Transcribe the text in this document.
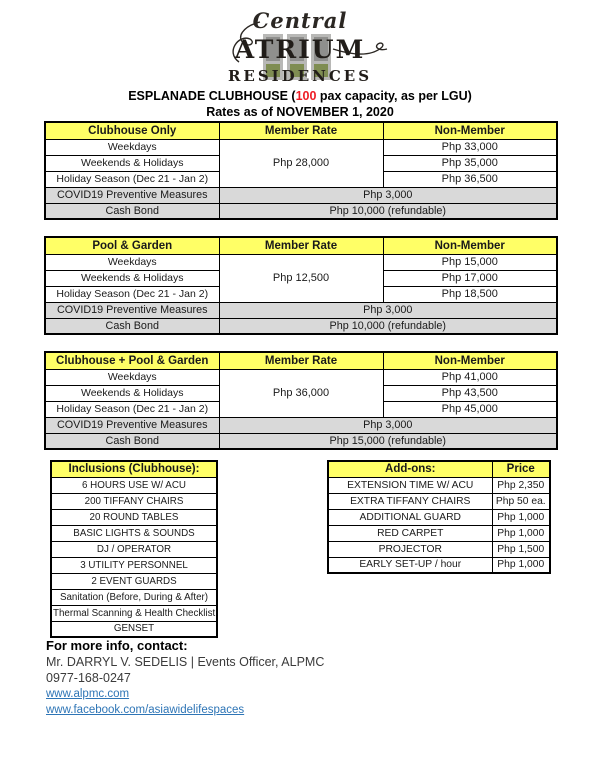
Central
ATRIUM
RESIDENCES
ESPLANADE CLUBHOUSE (100 pax capacity, as per LGU)
Rates as of NOVEMBER 1, 2020
Clubhouse Only	Member Rate	Non-Member
Weekdays	Php 28,000	Php 33,000
Weekends & Holidays		Php 35,000
Holiday Season (Dec 21 - Jan 2)		Php 36,500
COVID19 Preventive Measures	Php 3,000	
Cash Bond	Php 10,000 (refundable)	
Pool & Garden	Member Rate	Non-Member
Weekdays	Php 12,500	Php 15,000
Weekends & Holidays		Php 17,000
Holiday Season (Dec 21 - Jan 2)		Php 18,500
COVID19 Preventive Measures	Php 3,000	
Cash Bond	Php 10,000 (refundable)	
Clubhouse + Pool & Garden	Member Rate	Non-Member
Weekdays	Php 36,000	Php 41,000
Weekends & Holidays		Php 43,500
Holiday Season (Dec 21 - Jan 2)		Php 45,000
COVID19 Preventive Measures	Php 3,000	
Cash Bond	Php 15,000 (refundable)	
Inclusions (Clubhouse):
6 HOURS USE W/ ACU
200 TIFFANY CHAIRS
20 ROUND TABLES
BASIC LIGHTS & SOUNDS
DJ / OPERATOR
3 UTILITY PERSONNEL
2 EVENT GUARDS
Sanitation (Before, During & After)
Thermal Scanning & Health Checklist
GENSET
Add-ons:	Price
EXTENSION TIME W/ ACU	Php 2,350
EXTRA TIFFANY CHAIRS	Php 50 ea.
ADDITIONAL GUARD	Php 1,000
RED CARPET	Php 1,000
PROJECTOR	Php 1,500
EARLY SET-UP / hour	Php 1,000
For more info, contact:
Mr. DARRYL V. SEDELIS | Events Officer, ALPMC
0977-168-0247
www.alpmc.com
www.facebook.com/asiawidelifespaces
